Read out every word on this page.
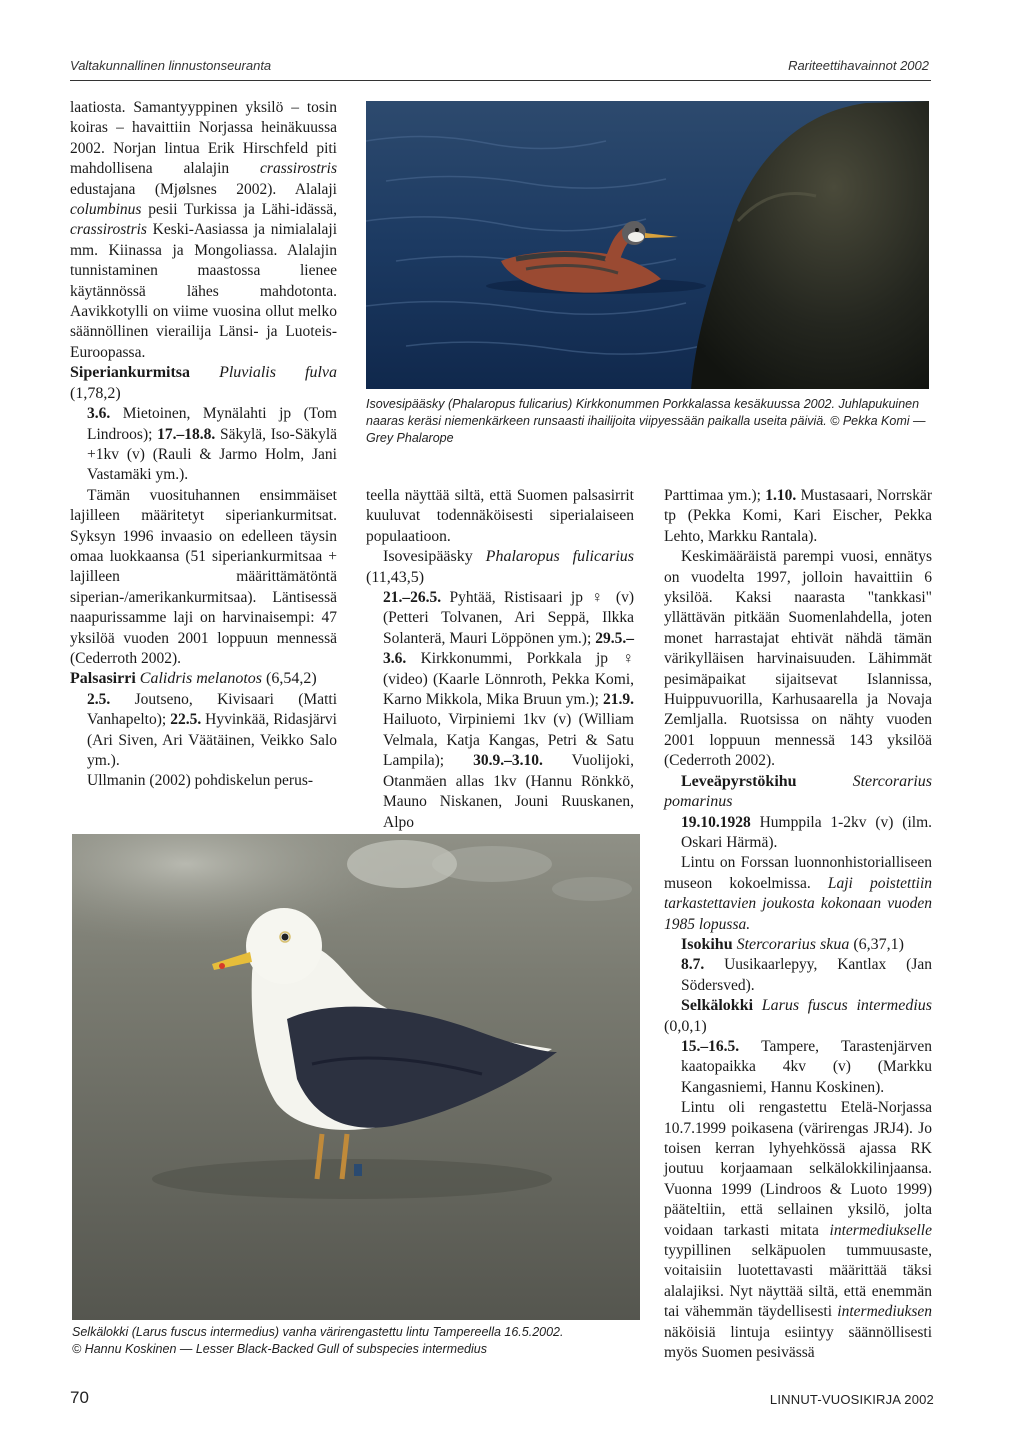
Valtakunnallinen linnustonseuranta	Rariteettihavainnot 2002

laatiosta. Samantyyppinen yksilö – tosin koiras – havaittiin Norjassa heinäkuussa 2002. Norjan lintua Erik Hirschfeld piti mahdollisena alalajin crassirostris edustajana (Mjølsnes 2002). Alalaji columbinus pesii Turkissa ja Lähi-idässä, crassirostris Keski-Aasiassa ja nimialalaji mm. Kiinassa ja Mongoliassa. Alalajin tunnistaminen maastossa lienee käytännössä lähes mahdotonta. Aavikkotylli on viime vuosina ollut melko säännöllinen vierailija Länsi- ja Luoteis-Euroopassa.

Siperiankurmitsa Pluvialis fulva (1,78,2)

3.6. Mietoinen, Mynälahti jp (Tom Lindroos); 17.–18.8. Säkylä, Iso-Säkylä +1kv (v) (Rauli & Jarmo Holm, Jani Vastamäki ym.).

Tämän vuosituhannen ensimmäiset lajilleen määritetyt siperiankurmitsat. Syksyn 1996 invaasio on edelleen täysin omaa luokkaansa (51 siperiankurmitsaa + lajilleen määrittämätöntä siperian-/amerikankurmitsaa). Läntisessä naapurissamme laji on harvinaisempi: 47 yksilöä vuoden 2001 loppuun mennessä (Cederroth 2002).

Palsasirri Calidris melanotos (6,54,2)

2.5. Joutseno, Kivisaari (Matti Vanhapelto); 22.5. Hyvinkää, Ridasjärvi (Ari Siven, Ari Väätäinen, Veikko Salo ym.).

Ullmanin (2002) pohdiskelun perus-

Isovesipääsky (Phalaropus fulicarius) Kirkkonummen Porkkalassa kesäkuussa 2002. Juhlapukuinen naaras keräsi niemenkärkeen runsaasti ihailijoita viipyessään paikalla useita päiviä. © Pekka Komi — Grey Phalarope

teella näyttää siltä, että Suomen palsasirrit kuuluvat todennäköisesti siperialaiseen populaatioon.

Isovesipääsky Phalaropus fulicarius (11,43,5)

21.–26.5. Pyhtää, Ristisaari jp ♀ (v) (Petteri Tolvanen, Ari Seppä, Ilkka Solanterä, Mauri Löppönen ym.); 29.5.–3.6. Kirkkonummi, Porkkala jp ♀ (video) (Kaarle Lönnroth, Pekka Komi, Karno Mikkola, Mika Bruun ym.); 21.9. Hailuoto, Virpiniemi 1kv (v) (William Velmala, Katja Kangas, Petri & Satu Lampila); 30.9.–3.10. Vuolijoki, Otanmäen allas 1kv (Hannu Rönkkö, Mauno Niskanen, Jouni Ruuskanen, Alpo

Selkälokki (Larus fuscus intermedius) vanha värirengastettu lintu Tampereella 16.5.2002.
© Hannu Koskinen — Lesser Black-Backed Gull of subspecies intermedius

Parttimaa ym.); 1.10. Mustasaari, Norrskär tp (Pekka Komi, Kari Eischer, Pekka Lehto, Markku Rantala).

Keskimääräistä parempi vuosi, ennätys on vuodelta 1997, jolloin havaittiin 6 yksilöä. Kaksi naarasta "tankkasi" yllättävän pitkään Suomenlahdella, joten monet harrastajat ehtivät nähdä tämän värikylläisen harvinaisuuden. Lähimmät pesimäpaikat sijaitsevat Islannissa, Huippuvuorilla, Karhusaarella ja Novaja Zemljalla. Ruotsissa on nähty vuoden 2001 loppuun mennessä 143 yksilöä (Cederroth 2002).

Leveäpyrstökihu Stercorarius pomarinus

19.10.1928 Humppila 1-2kv (v) (ilm. Oskari Härmä).

Lintu on Forssan luonnonhistorialliseen museon kokoelmissa. Laji poistettiin tarkastettavien joukosta kokonaan vuoden 1985 lopussa.

Isokihu Stercorarius skua (6,37,1)

8.7. Uusikaarlepyy, Kantlax (Jan Södersved).

Selkälokki Larus fuscus intermedius (0,0,1)

15.–16.5. Tampere, Tarastenjärven kaatopaikka 4kv (v) (Markku Kangasniemi, Hannu Koskinen).

Lintu oli rengastettu Etelä-Norjassa 10.7.1999 poikasena (värirengas JRJ4). Jo toisen kerran lyhyehkössä ajassa RK joutuu korjaamaan selkälokkilinjaansa. Vuonna 1999 (Lindroos & Luoto 1999) pääteltiin, että sellainen yksilö, jolta voidaan tarkasti mitata intermediukselle tyypillinen selkäpuolen tummuusaste, voitaisiin luotettavasti määrittää täksi alalajiksi. Nyt näyttää siltä, että enemmän tai vähemmän täydellisesti intermediuksen näköisiä lintuja esiintyy säännöllisesti myös Suomen pesivässä

70	LINNUT-VUOSIKIRJA 2002
